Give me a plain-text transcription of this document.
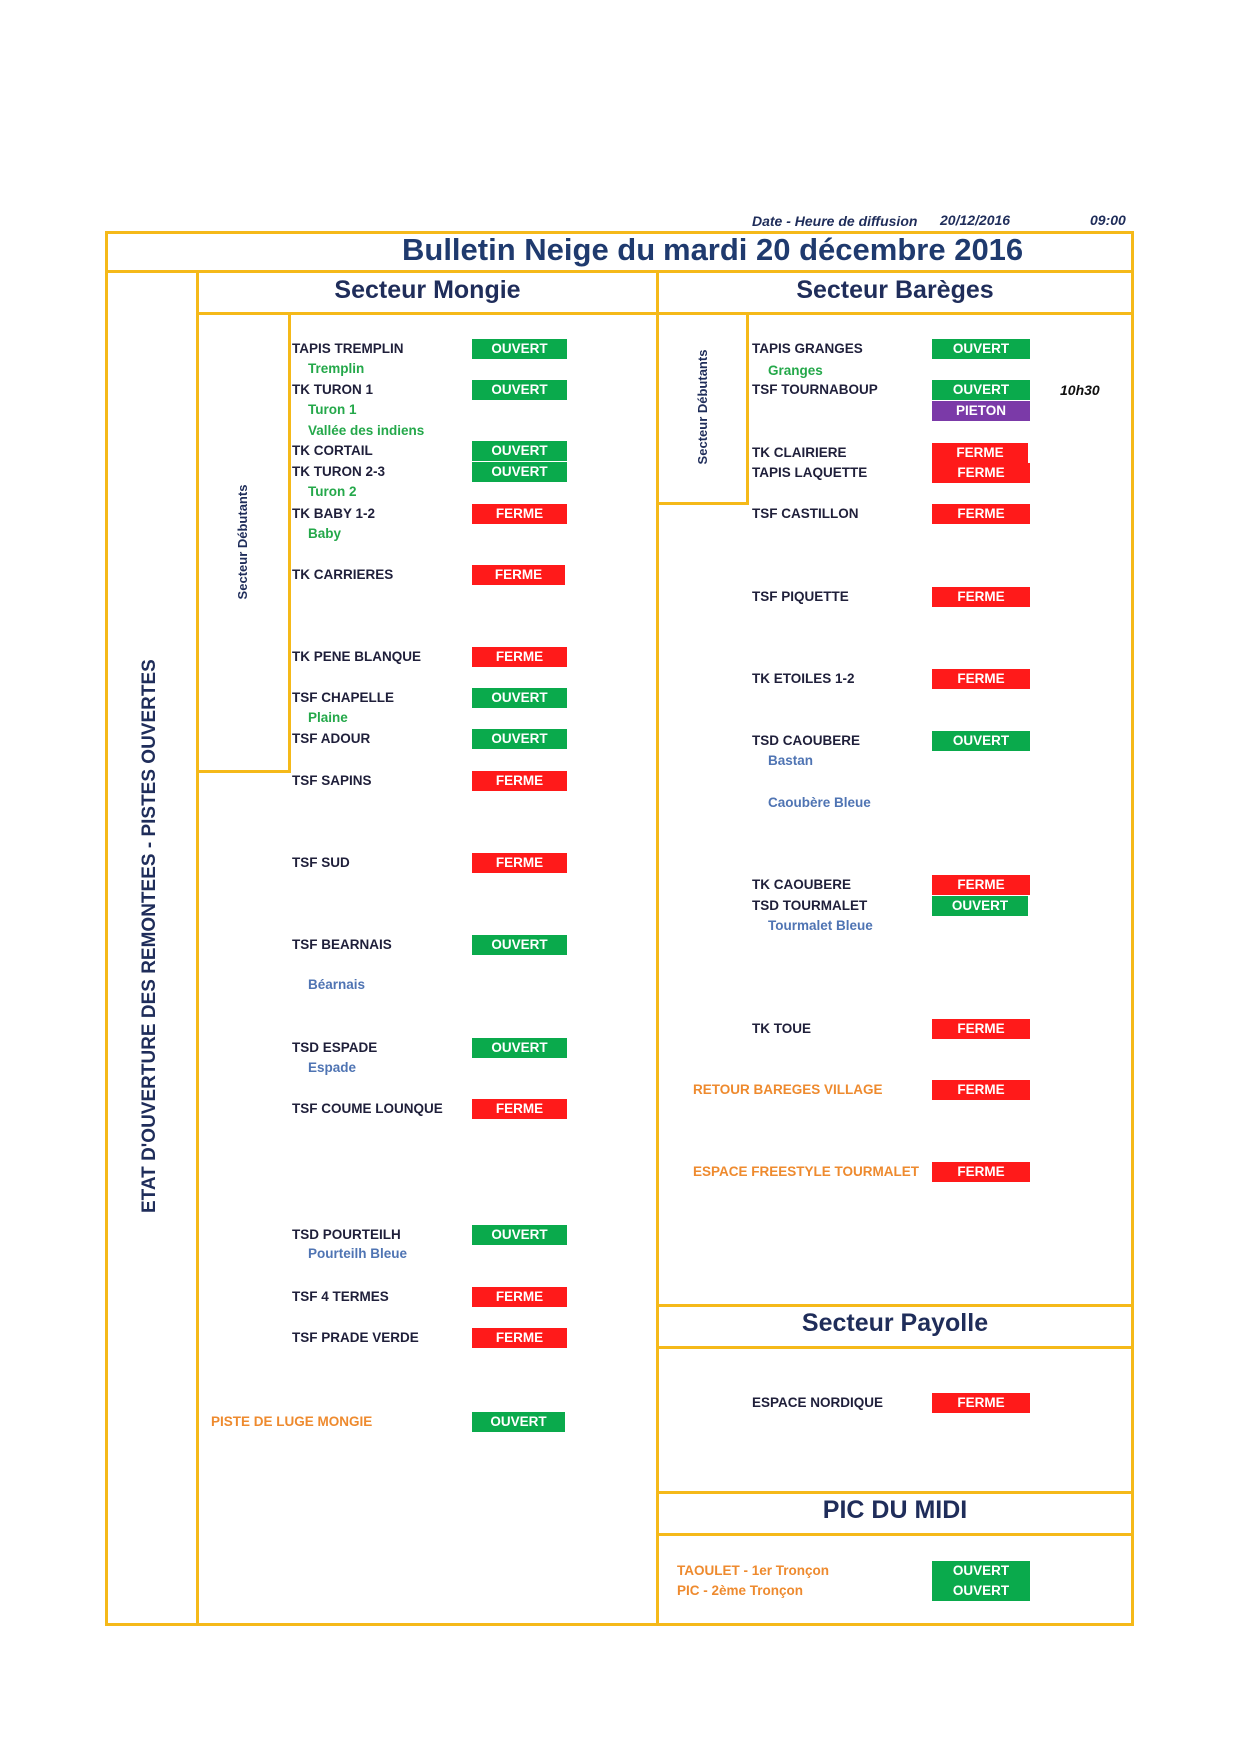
Date - Heure de diffusion 20/12/2016	09:00
Bulletin Neige du mardi 20 décembre 2016
Secteur Mongie	Secteur Barèges
Secteur Payolle
PIC DU MIDI
ETAT D'OUVERTURE DES REMONTEES - PISTES OUVERTES
Secteur Débutants
Secteur Débutants
TAPIS TREMPLIN	OUVERT
Tremplin
TK TURON 1	OUVERT
Turon 1
Vallée des indiens
TK CORTAIL	OUVERT
TK TURON 2-3	OUVERT
Turon 2
TK BABY 1-2	FERME
Baby
TK CARRIERES	FERME
TK PENE BLANQUE	FERME
TSF CHAPELLE	OUVERT
Plaine
TSF ADOUR	OUVERT
TSF SAPINS	FERME
TSF SUD	FERME
TSF BEARNAIS	OUVERT
Béarnais
TSD ESPADE	OUVERT
Espade
TSF COUME LOUNQUE	FERME
TSD POURTEILH	OUVERT
Pourteilh Bleue
TSF 4 TERMES	FERME
TSF PRADE VERDE	FERME
PISTE DE LUGE MONGIE	OUVERT
TAPIS GRANGES	OUVERT
Granges
TSF TOURNABOUP	OUVERT
PIETON
10h30
TK CLAIRIERE	FERME
TAPIS LAQUETTE	FERME
TSF CASTILLON	FERME
TSF PIQUETTE	FERME
TK ETOILES 1-2	FERME
TSD CAOUBERE	OUVERT
Bastan
Caoubère Bleue
TK CAOUBERE	FERME
TSD TOURMALET	OUVERT
Tourmalet Bleue
TK TOUE	FERME
RETOUR BAREGES VILLAGE	FERME
ESPACE FREESTYLE TOURMALET	FERME
ESPACE NORDIQUE	FERME
TAOULET - 1er Tronçon	OUVERT
PIC - 2ème Tronçon	OUVERT
